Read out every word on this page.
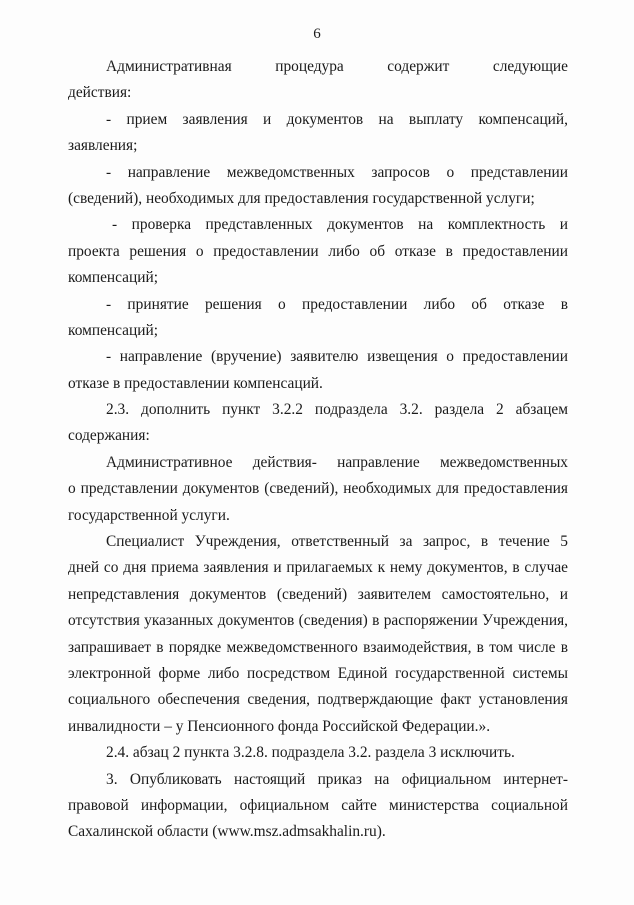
6
Административная процедура содержит следующие
действия:
- прием заявления и документов на выплату компенсаций,
заявления;
- направление межведомственных запросов о представлении
(сведений), необходимых для предоставления государственной услуги;
- проверка представленных документов на комплектность и
проекта решения о предоставлении либо об отказе в предоставлении
компенсаций;
- принятие решения о предоставлении либо об отказе в
компенсаций;
- направление (вручение) заявителю извещения о предоставлении
отказе в предоставлении компенсаций.
2.3. дополнить пункт 3.2.2 подраздела 3.2. раздела 2 абзацем
содержания:
Административное действия- направление межведомственных
о представлении документов (сведений), необходимых для предоставления
государственной услуги.
Специалист Учреждения, ответственный за запрос, в течение 5
дней со дня приема заявления и прилагаемых к нему документов, в случае
непредставления документов (сведений) заявителем самостоятельно, и
отсутствия указанных документов (сведения) в распоряжении Учреждения,
запрашивает в порядке межведомственного взаимодействия, в том числе в
электронной форме либо посредством Единой государственной системы
социального обеспечения сведения, подтверждающие факт установления
инвалидности – у Пенсионного фонда Российской Федерации.».
2.4. абзац 2 пункта 3.2.8. подраздела 3.2. раздела 3 исключить.
3. Опубликовать настоящий приказ на официальном интернет-
правовой информации, официальном сайте министерства социальной
Сахалинской области (www.msz.admsakhalin.ru).
